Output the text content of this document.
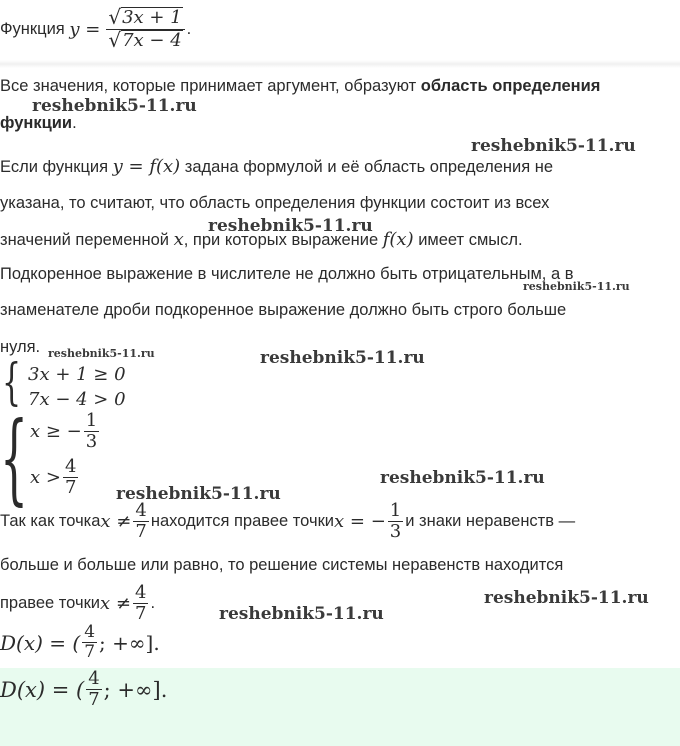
Функция
$y = \frac{√ 3x + 1}{√ 7x - 4}$ .
Все значения, которые принимает аргумент, образуют область определения
функции.
Если функция y = f(x) задана формулой и её область определения не
указана, то считают, что область определения функции состоит из всех
значений переменной x, при которых выражение f(x) имеет смысл.
Подкоренное выражение в числителе не должно быть отрицательным, а в
знаменателе дроби подкоренное выражение должно быть строго больше
нуля.
{ 3x + 1 ≥ 0
7x − 4 > 0
{ x ≥ − $\frac{1}{3}$
$x > \frac{4}{7}$
Так как точка $x \ne \frac{4}{7}$ находится правее точки x = − $\frac{1}{3}$ и знаки неравенств —
больше и больше или равно, то решение системы неравенств находится
правее точки $x \ne \frac{4}{7}$ .
D(x) = ( $\frac{4}{7}$ ; +∞].
D(x) = ( $\frac{4}{7}$ ; +∞].
reshebnik5-11.ru
reshebnik5-11.ru
reshebnik5-11.ru
reshebnik5-11.ru
reshebnik5-11.ru	reshebnik5-11.ru
reshebnik5-11.ru
reshebnik5-11.ru
reshebnik5-11.ru
reshebnik5-11.ru
